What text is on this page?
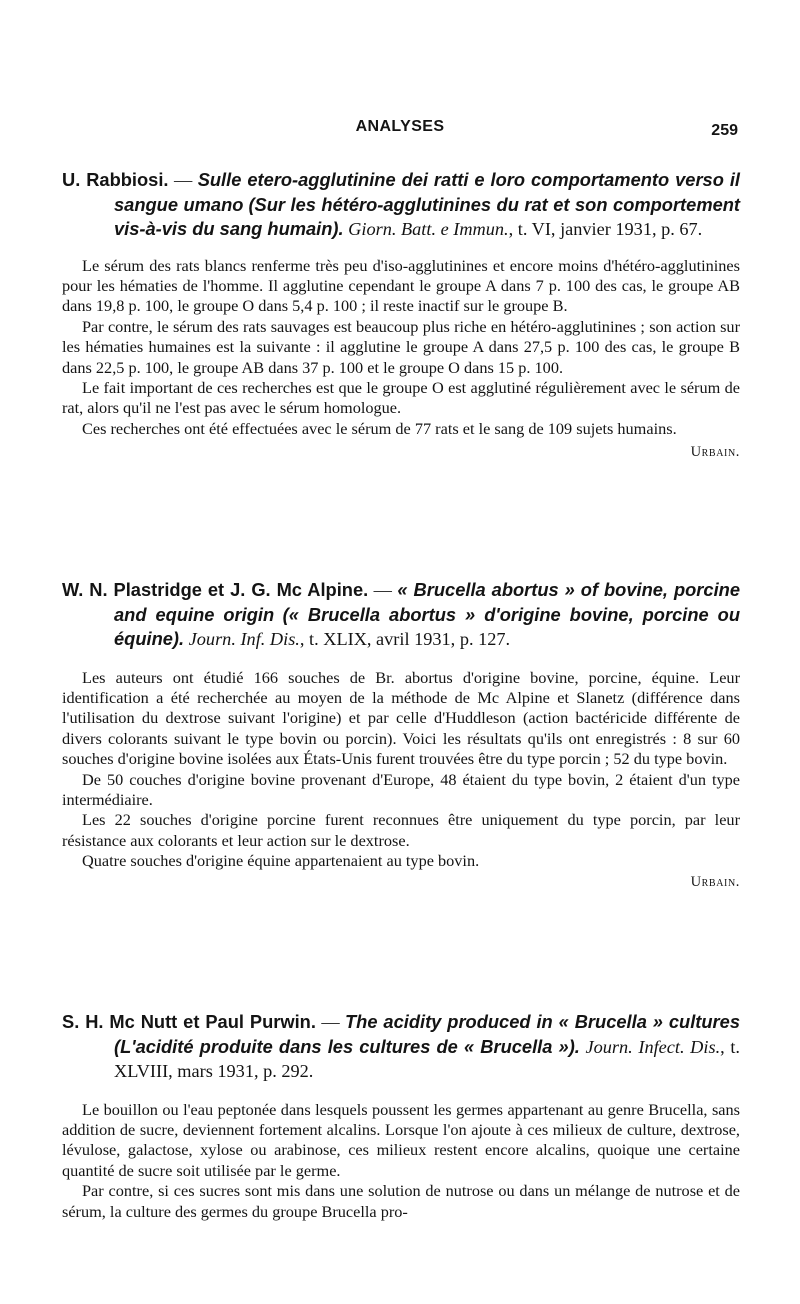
ANALYSES	259

U. Rabbiosi. — Sulle etero-agglutinine dei ratti e loro comportamento verso il sangue umano (Sur les hétéro-agglutinines du rat et son comportement vis-à-vis du sang humain). Giorn. Batt. e Immun., t. VI, janvier 1931, p. 67.

Le sérum des rats blancs renferme très peu d'iso-agglutinines et encore moins d'hétéro-agglutinines pour les hématies de l'homme. Il agglutine cependant le groupe A dans 7 p. 100 des cas, le groupe AB dans 19,8 p. 100, le groupe O dans 5,4 p. 100 ; il reste inactif sur le groupe B.

Par contre, le sérum des rats sauvages est beaucoup plus riche en hétéro-agglutinines ; son action sur les hématies humaines est la suivante : il agglutine le groupe A dans 27,5 p. 100 des cas, le groupe B dans 22,5 p. 100, le groupe AB dans 37 p. 100 et le groupe O dans 15 p. 100.

Le fait important de ces recherches est que le groupe O est agglutiné régulièrement avec le sérum de rat, alors qu'il ne l'est pas avec le sérum homologue.

Ces recherches ont été effectuées avec le sérum de 77 rats et le sang de 109 sujets humains.
Urbain.

W. N. Plastridge et J. G. Mc Alpine. — « Brucella abortus » of bovine, porcine and equine origin (« Brucella abortus » d'origine bovine, porcine ou équine). Journ. Inf. Dis., t. XLIX, avril 1931, p. 127.

Les auteurs ont étudié 166 souches de Br. abortus d'origine bovine, porcine, équine. Leur identification a été recherchée au moyen de la méthode de Mc Alpine et Slanetz (différence dans l'utilisation du dextrose suivant l'origine) et par celle d'Huddleson (action bactéricide différente de divers colorants suivant le type bovin ou porcin). Voici les résultats qu'ils ont enregistrés : 8 sur 60 souches d'origine bovine isolées aux États-Unis furent trouvées être du type porcin ; 52 du type bovin.

De 50 couches d'origine bovine provenant d'Europe, 48 étaient du type bovin, 2 étaient d'un type intermédiaire.

Les 22 souches d'origine porcine furent reconnues être uniquement du type porcin, par leur résistance aux colorants et leur action sur le dextrose.

Quatre souches d'origine équine appartenaient au type bovin.

Urbain.

S. H. Mc Nutt et Paul Purwin. — The acidity produced in « Brucella » cultures (L'acidité produite dans les cultures de « Brucella »). Journ. Infect. Dis., t. XLVIII, mars 1931, p. 292.

Le bouillon ou l'eau peptonée dans lesquels poussent les germes appartenant au genre Brucella, sans addition de sucre, deviennent fortement alcalins. Lorsque l'on ajoute à ces milieux de culture, dextrose, lévulose, galactose, xylose ou arabinose, ces milieux restent encore alcalins, quoique une certaine quantité de sucre soit utilisée par le germe.

Par contre, si ces sucres sont mis dans une solution de nutrose ou dans un mélange de nutrose et de sérum, la culture des germes du groupe Brucella pro-
